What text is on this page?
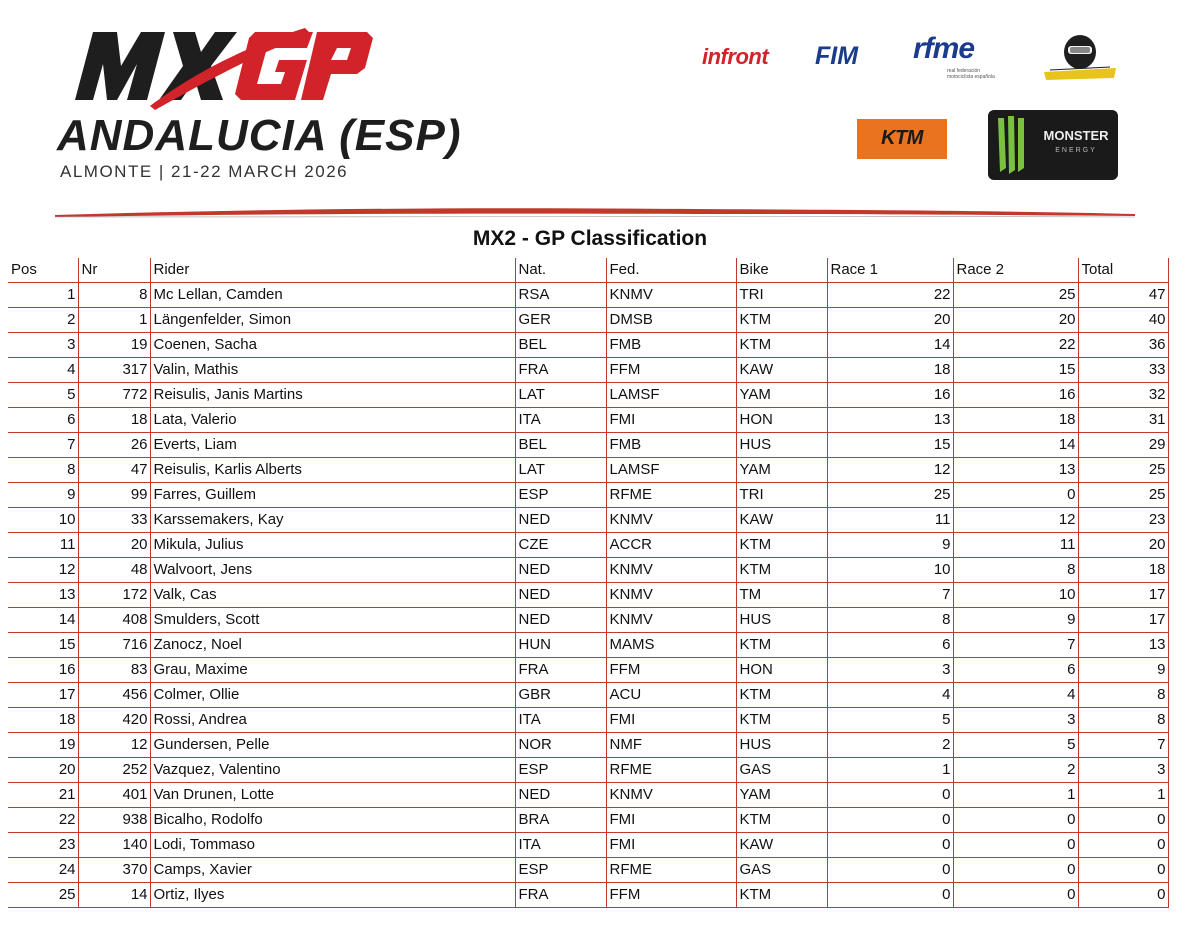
ANDALUCIA (ESP)
ALMONTE | 21-22 MARCH 2026
infront FIM rfme
real federación motociclista española
KTM	MONSTER
ENERGY
MX2 - GP Classification
Pos	Nr	Rider	Nat.	Fed.	Bike	Race 1	Race 2	Total
1	8	Mc Lellan, Camden	RSA	KNMV	TRI	22	25	47
2	1	Längenfelder, Simon	GER	DMSB	KTM	20	20	40
3	19	Coenen, Sacha	BEL	FMB	KTM	14	22	36
4	317	Valin, Mathis	FRA	FFM	KAW	18	15	33
5	772	Reisulis, Janis Martins	LAT	LAMSF	YAM	16	16	32
6	18	Lata, Valerio	ITA	FMI	HON	13	18	31
7	26	Everts, Liam	BEL	FMB	HUS	15	14	29
8	47	Reisulis, Karlis Alberts	LAT	LAMSF	YAM	12	13	25
9	99	Farres, Guillem	ESP	RFME	TRI	25	0	25
10	33	Karssemakers, Kay	NED	KNMV	KAW	11	12	23
11	20	Mikula, Julius	CZE	ACCR	KTM	9	11	20
12	48	Walvoort, Jens	NED	KNMV	KTM	10	8	18
13	172	Valk, Cas	NED	KNMV	TM	7	10	17
14	408	Smulders, Scott	NED	KNMV	HUS	8	9	17
15	716	Zanocz, Noel	HUN	MAMS	KTM	6	7	13
16	83	Grau, Maxime	FRA	FFM	HON	3	6	9
17	456	Colmer, Ollie	GBR	ACU	KTM	4	4	8
18	420	Rossi, Andrea	ITA	FMI	KTM	5	3	8
19	12	Gundersen, Pelle	NOR	NMF	HUS	2	5	7
20	252	Vazquez, Valentino	ESP	RFME	GAS	1	2	3
21	401	Van Drunen, Lotte	NED	KNMV	YAM	0	1	1
22	938	Bicalho, Rodolfo	BRA	FMI	KTM	0	0	0
23	140	Lodi, Tommaso	ITA	FMI	KAW	0	0	0
24	370	Camps, Xavier	ESP	RFME	GAS	0	0	0
25	14	Ortiz, Ilyes	FRA	FFM	KTM	0	0	0
